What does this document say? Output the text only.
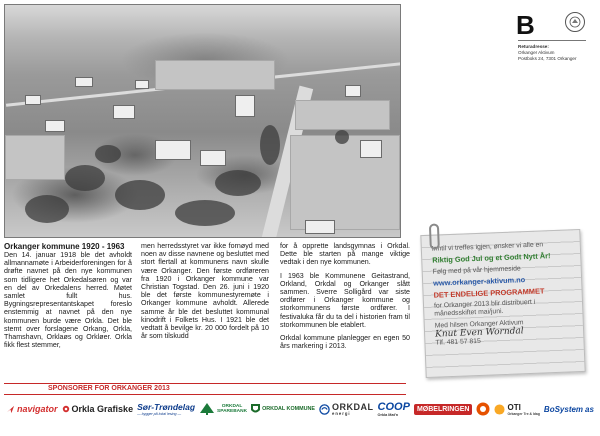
B
Returadresse:
Orkanger Aktivum
Postboks 24, 7301 Orkanger

Inntil vi treffes igjen, ønsker vi alle en

Riktig God Jul og et Godt Nytt År!

Følg med på vår hjemmeside

www.orkanger-aktivum.no

DET ENDELIGE PROGRAMMET

for Orkanger 2013 blir distribuert i månedsskiftet mai/juni.

Med hilsen Orkanger Aktivum

Knut Even Worndal

Tlf. 481 57 815

Orkanger kommune 1920 - 1963

Den 14. januar 1918 ble det avholdt allmannamøte i Arbeiderforeningen for å drøfte navnet på den nye kommunen som tidligere het Orkedalsøren og var en del av Orkedalens herred. Møtet samlet fullt hus. Bygningsrepresentantskapet foreslo enstemmig at navnet på den nye kommunen burde være Orkla. Det ble stemt over forslagene Orkang, Orkla, Thamshavn, Orklaøs og Orkløer. Orkla fikk flest stemmer,

men herredsstyret var ikke fornøyd med noen av disse navnene og besluttet med stort flertall at kommunens navn skulle være Orkanger. Den første ordføreren fra 1920 i Orkanger kommune var Christian Togstad. Den 26. juni i 1920 ble det første kommunestyremøte i Orkanger kommune avholdt. Allerede samme år ble det besluttet kommunal kinodrift i Folkets Hus. I 1921 ble det vedtatt å bevilge kr. 20 000 fordelt på 10 år som tilskudd

for å opprette landsgymnas i Orkdal. Dette ble starten på mange viktige vedtak i den nye kommunen.

I 1963 ble Kommunene Geitastrand, Orkland, Orkdal og Orkanger slått sammen. Sverre Solligård var siste ordfører i Orkanger kommune og storkommunens første ordfører. I festivaluka får du ta del i historien fram til storkommunen ble etablert.

Orkdal kommune planlegger en egen 50 års markering i 2013.

SPONSORER FOR ORKANGER 2013
navigator Orkla Grafiske Sør-Trøndelag
— bygger på lokal lesing —
ORKDAL
SPAREBANK	ORKDAL KOMMUNE ORKDAL
energi
COOP
Orkla Mat'n
MØBELRINGEN	OTI
Orkanger Tre & Idag BoSystem as
